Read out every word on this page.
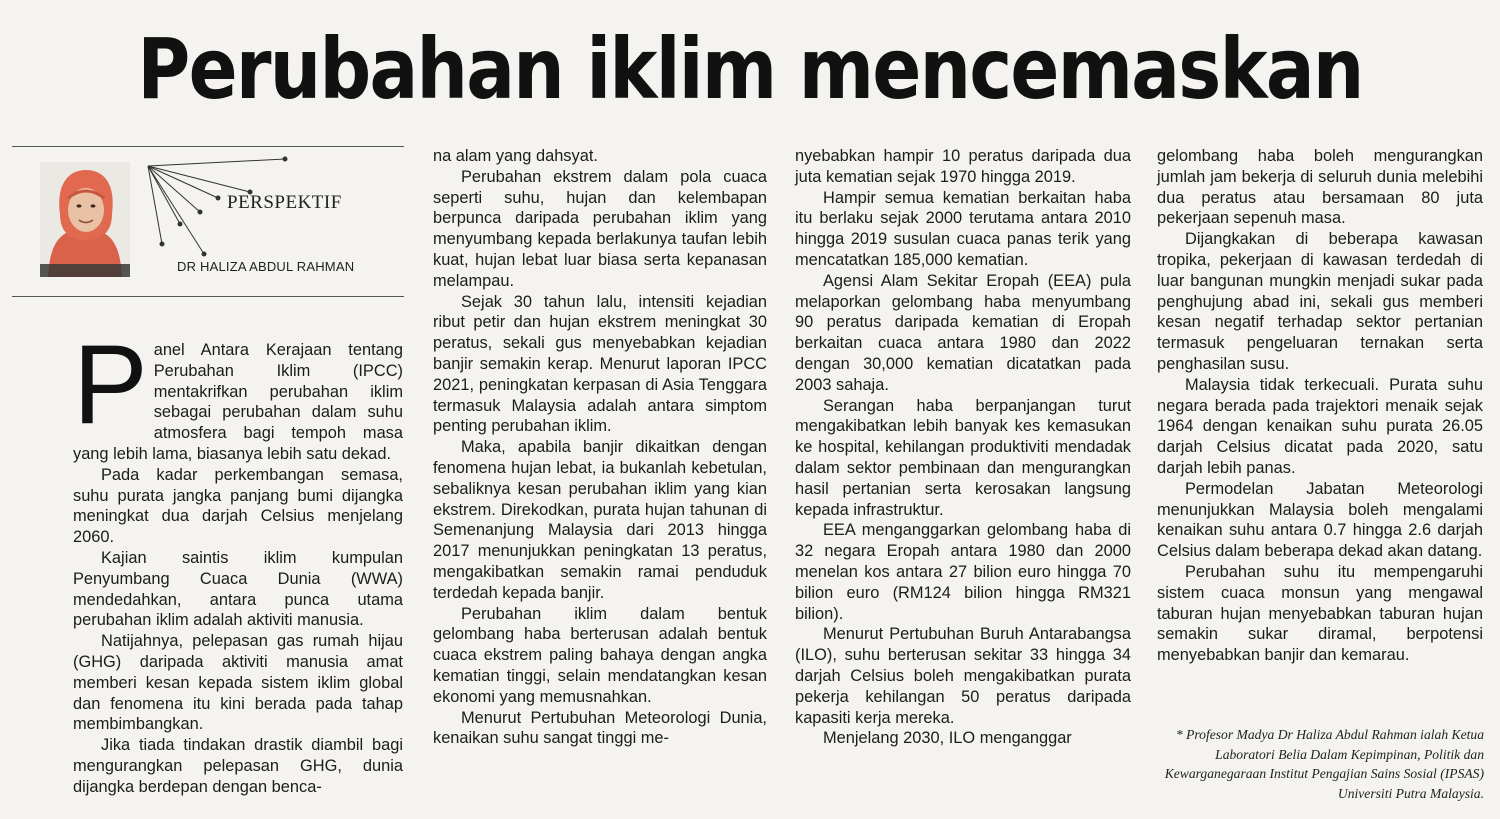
Perubahan iklim mencemaskan
PERSPEKTIF
DR HALIZA ABDUL RAHMAN
P anel Antara Kerajaan tentang Perubahan Iklim (IPCC) mentakrifkan perubahan iklim sebagai perubahan dalam suhu atmosfera bagi tempoh masa yang lebih lama, biasanya lebih satu dekad.

Pada kadar perkembangan semasa, suhu purata jangka panjang bumi dijangka meningkat dua darjah Celsius menjelang 2060.

Kajian saintis iklim kumpulan Penyumbang Cuaca Dunia (WWA) mendedahkan, antara punca utama perubahan iklim adalah aktiviti manusia.

Natijahnya, pelepasan gas rumah hijau (GHG) daripada aktiviti manusia amat memberi kesan kepada sistem iklim global dan fenomena itu kini berada pada tahap membimbangkan.

Jika tiada tindakan drastik diambil bagi mengurangkan pelepasan GHG, dunia dijangka berdepan dengan benca-

na alam yang dahsyat.

Perubahan ekstrem dalam pola cuaca seperti suhu, hujan dan kelembapan berpunca daripada perubahan iklim yang menyumbang kepada berlakunya taufan lebih kuat, hujan lebat luar biasa serta kepanasan melampau.

Sejak 30 tahun lalu, intensiti kejadian ribut petir dan hujan ekstrem meningkat 30 peratus, sekali gus menyebabkan kejadian banjir semakin kerap. Menurut laporan IPCC 2021, peningkatan kerpasan di Asia Tenggara termasuk Malaysia adalah antara simptom penting perubahan iklim.

Maka, apabila banjir dikaitkan dengan fenomena hujan lebat, ia bukanlah kebetulan, sebaliknya kesan perubahan iklim yang kian ekstrem. Direkodkan, purata hujan tahunan di Semenanjung Malaysia dari 2013 hingga 2017 menunjukkan peningkatan 13 peratus, mengakibatkan semakin ramai penduduk terdedah kepada banjir.

Perubahan iklim dalam bentuk gelombang haba berterusan adalah bentuk cuaca ekstrem paling bahaya dengan angka kematian tinggi, selain mendatangkan kesan ekonomi yang memusnahkan.

Menurut Pertubuhan Meteorologi Dunia, kenaikan suhu sangat tinggi me-

nyebabkan hampir 10 peratus daripada dua juta kematian sejak 1970 hingga 2019.

Hampir semua kematian berkaitan haba itu berlaku sejak 2000 terutama antara 2010 hingga 2019 susulan cuaca panas terik yang mencatatkan 185,000 kematian.

Agensi Alam Sekitar Eropah (EEA) pula melaporkan gelombang haba menyumbang 90 peratus daripada kematian di Eropah berkaitan cuaca antara 1980 dan 2022 dengan 30,000 kematian dicatatkan pada 2003 sahaja.

Serangan haba berpanjangan turut mengakibatkan lebih banyak kes kemasukan ke hospital, kehilangan produktiviti mendadak dalam sektor pembinaan dan mengurangkan hasil pertanian serta kerosakan langsung kepada infrastruktur.

EEA menganggarkan gelombang haba di 32 negara Eropah antara 1980 dan 2000 menelan kos antara 27 bilion euro hingga 70 bilion euro (RM124 bilion hingga RM321 bilion).

Menurut Pertubuhan Buruh Antarabangsa (ILO), suhu berterusan sekitar 33 hingga 34 darjah Celsius boleh mengakibatkan purata pekerja kehilangan 50 peratus daripada kapasiti kerja mereka.

Menjelang 2030, ILO menganggar

gelombang haba boleh mengurangkan jumlah jam bekerja di seluruh dunia melebihi dua peratus atau bersamaan 80 juta pekerjaan sepenuh masa.

Dijangkakan di beberapa kawasan tropika, pekerjaan di kawasan terdedah di luar bangunan mungkin menjadi sukar pada penghujung abad ini, sekali gus memberi kesan negatif terhadap sektor pertanian termasuk pengeluaran ternakan serta penghasilan susu.

Malaysia tidak terkecuali. Purata suhu negara berada pada trajektori menaik sejak 1964 dengan kenaikan suhu purata 26.05 darjah Celsius dicatat pada 2020, satu darjah lebih panas.

Permodelan Jabatan Meteorologi menunjukkan Malaysia boleh mengalami kenaikan suhu antara 0.7 hingga 2.6 darjah Celsius dalam beberapa dekad akan datang.

Perubahan suhu itu mempengaruhi sistem cuaca monsun yang mengawal taburan hujan menyebabkan taburan hujan semakin sukar diramal, berpotensi menyebabkan banjir dan kemarau.

* Profesor Madya Dr Haliza Abdul Rahman ialah Ketua Laboratori Belia Dalam Kepimpinan, Politik dan Kewarganegaraan Institut Pengajian Sains Sosial (IPSAS) Universiti Putra Malaysia.
